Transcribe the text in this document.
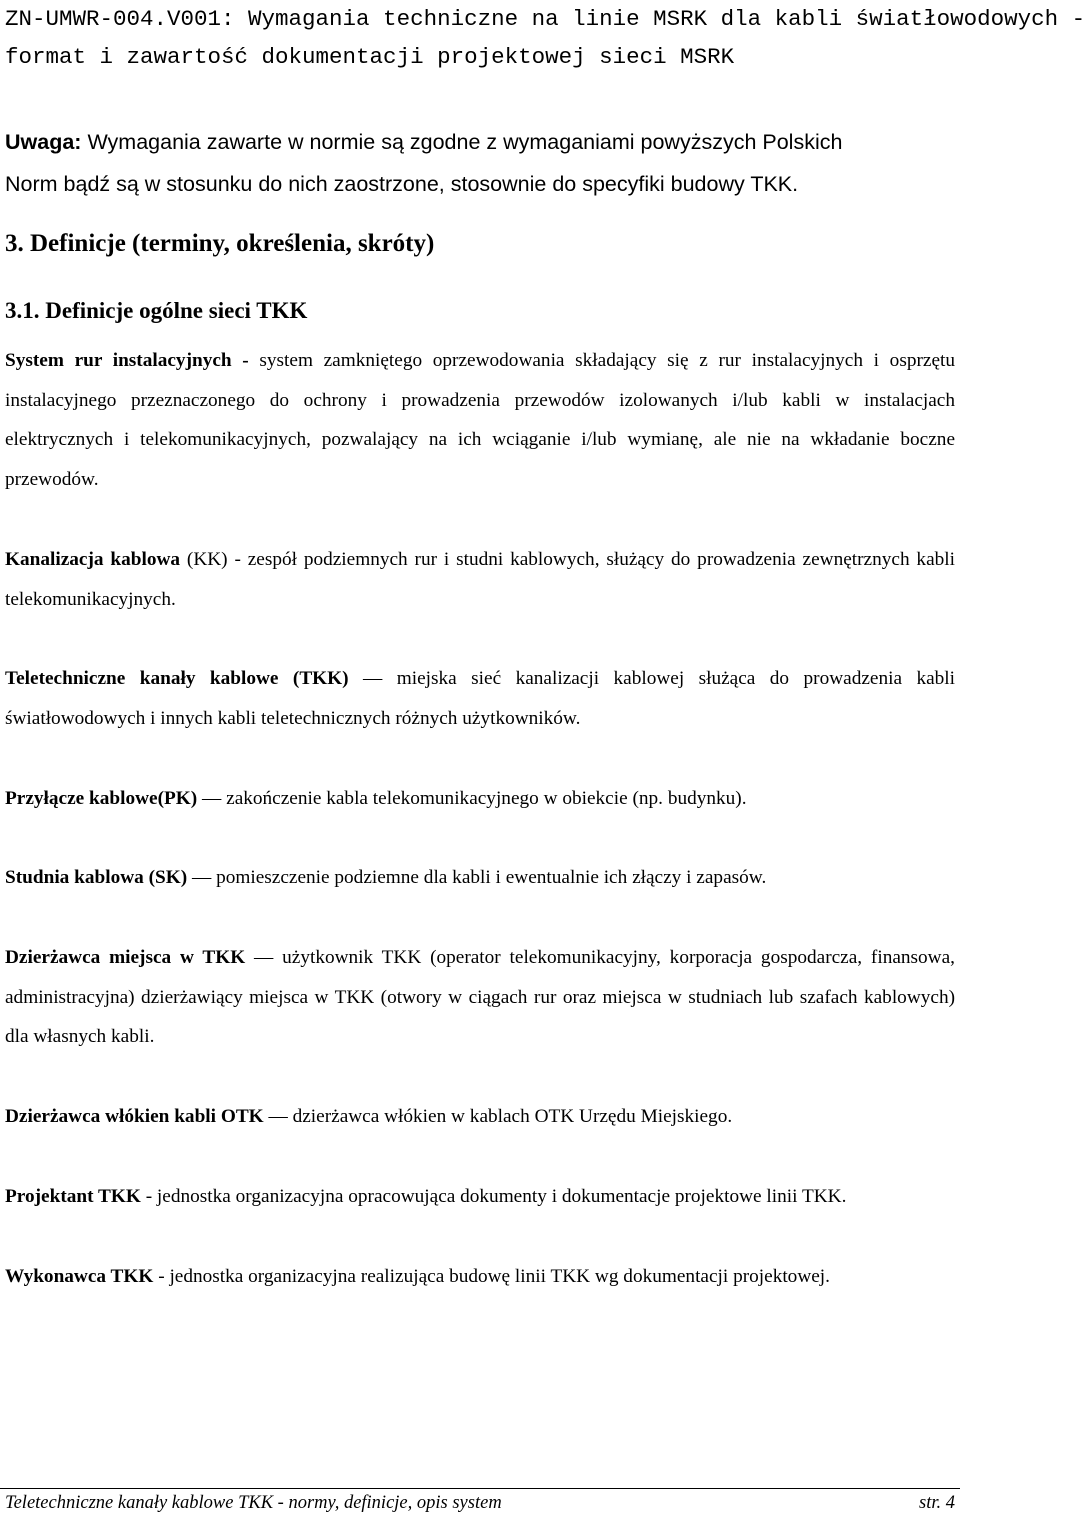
ZN-UMWR-004.V001: Wymagania techniczne na linie MSRK dla kabli światłowodowych -
format i zawartość dokumentacji projektowej sieci MSRK
Uwaga: Wymagania zawarte w normie są zgodne z wymaganiami powyższych Polskich
Norm bądź są w stosunku do nich zaostrzone, stosownie do specyfiki budowy TKK.
3. Definicje (terminy, określenia, skróty)
3.1. Definicje ogólne sieci TKK

System rur instalacyjnych - system zamkniętego oprzewodowania składający się z rur instalacyjnych i osprzętu instalacyjnego przeznaczonego do ochrony i prowadzenia przewodów izolowanych i/lub kabli w instalacjach elektrycznych i telekomunikacyjnych, pozwalający na ich wciąganie i/lub wymianę, ale nie na wkładanie boczne przewodów.

Kanalizacja kablowa (KK) - zespół podziemnych rur i studni kablowych, służący do prowadzenia zewnętrznych kabli telekomunikacyjnych.

Teletechniczne kanały kablowe (TKK) — miejska sieć kanalizacji kablowej służąca do prowadzenia kabli światłowodowych i innych kabli teletechnicznych różnych użytkowników.

Przyłącze kablowe(PK) — zakończenie kabla telekomunikacyjnego w obiekcie (np. budynku).

Studnia kablowa (SK) — pomieszczenie podziemne dla kabli i ewentualnie ich złączy i zapasów.

Dzierżawca miejsca w TKK — użytkownik TKK (operator telekomunikacyjny, korporacja gospodarcza, finansowa, administracyjna) dzierżawiący miejsca w TKK (otwory w ciągach rur oraz miejsca w studniach lub szafach kablowych) dla własnych kabli.

Dzierżawca włókien kabli OTK — dzierżawca włókien w kablach OTK Urzędu Miejskiego.

Projektant TKK - jednostka organizacyjna opracowująca dokumenty i dokumentacje projektowe linii TKK.

Wykonawca TKK - jednostka organizacyjna realizująca budowę linii TKK wg dokumentacji projektowej.

Teletechniczne kanały kablowe TKK - normy, definicje, opis system	str. 4
